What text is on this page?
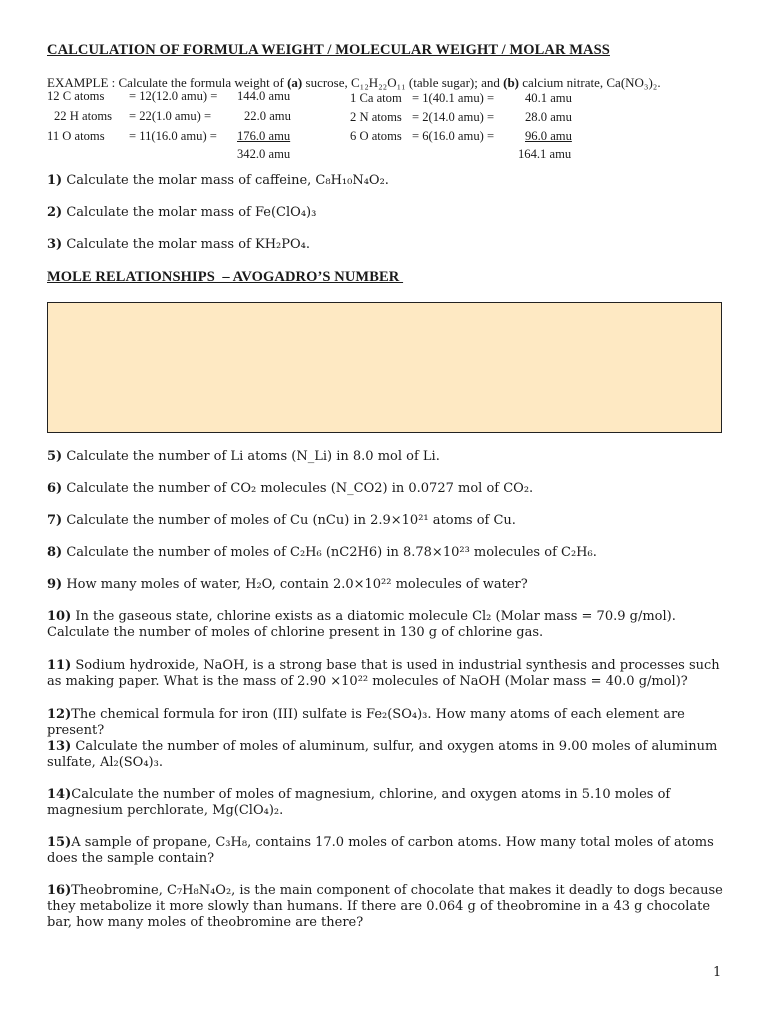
CALCULATION OF FORMULA WEIGHT / MOLECULAR WEIGHT / MOLAR MASS
EXAMPLE : Calculate the formula weight of (a) sucrose, C₁₂H₂₂O₁₁ (table sugar); and (b) calcium nitrate, Ca(NO₃)₂.
12 C atoms = 12(12.0 amu) = 144.0 amu
22 H atoms = 22(1.0 amu) =	22.0 amu
11 O atoms = 11(16.0 amu) = 176.0 amu
342.0 amu
1 Ca atom = 1(40.1 amu) = 40.1 amu
2 N atoms = 2(14.0 amu) = 28.0 amu
6 O atoms = 6(16.0 amu) = 96.0 amu
164.1 amu
1) Calculate the molar mass of caffeine, C₈H₁₀N₄O₂.
2) Calculate the molar mass of Fe(ClO₄)₃
3) Calculate the molar mass of KH₂PO₄.
MOLE RELATIONSHIPS  – AVOGADRO’S NUMBER
5) Calculate the number of Li atoms (N_Li) in 8.0 mol of Li.
6) Calculate the number of CO₂ molecules (N_CO2) in 0.0727 mol of CO₂.
7) Calculate the number of moles of Cu (nCu) in 2.9×10²¹ atoms of Cu.
8) Calculate the number of moles of C₂H₆ (nC2H6) in 8.78×10²³ molecules of C₂H₆.
9) How many moles of water, H₂O, contain 2.0×10²² molecules of water?
10) In the gaseous state, chlorine exists as a diatomic molecule Cl₂ (Molar mass = 70.9 g/mol). Calculate the number of moles of chlorine present in 130 g of chlorine gas.
11) Sodium hydroxide, NaOH, is a strong base that is used in industrial synthesis and processes such as making paper. What is the mass of 2.90 ×10²² molecules of NaOH (Molar mass = 40.0 g/mol)?
12)The chemical formula for iron (III) sulfate is Fe₂(SO₄)₃. How many atoms of each element are present?
13) Calculate the number of moles of aluminum, sulfur, and oxygen atoms in 9.00 moles of aluminum sulfate, Al₂(SO₄)₃.
14)Calculate the number of moles of magnesium, chlorine, and oxygen atoms in 5.10 moles of magnesium perchlorate, Mg(ClO₄)₂.
15)A sample of propane, C₃H₈, contains 17.0 moles of carbon atoms. How many total moles of atoms does the sample contain?
16)Theobromine, C₇H₈N₄O₂, is the main component of chocolate that makes it deadly to dogs because they metabolize it more slowly than humans. If there are 0.064 g of theobromine in a 43 g chocolate bar, how many moles of theobromine are there?
1
